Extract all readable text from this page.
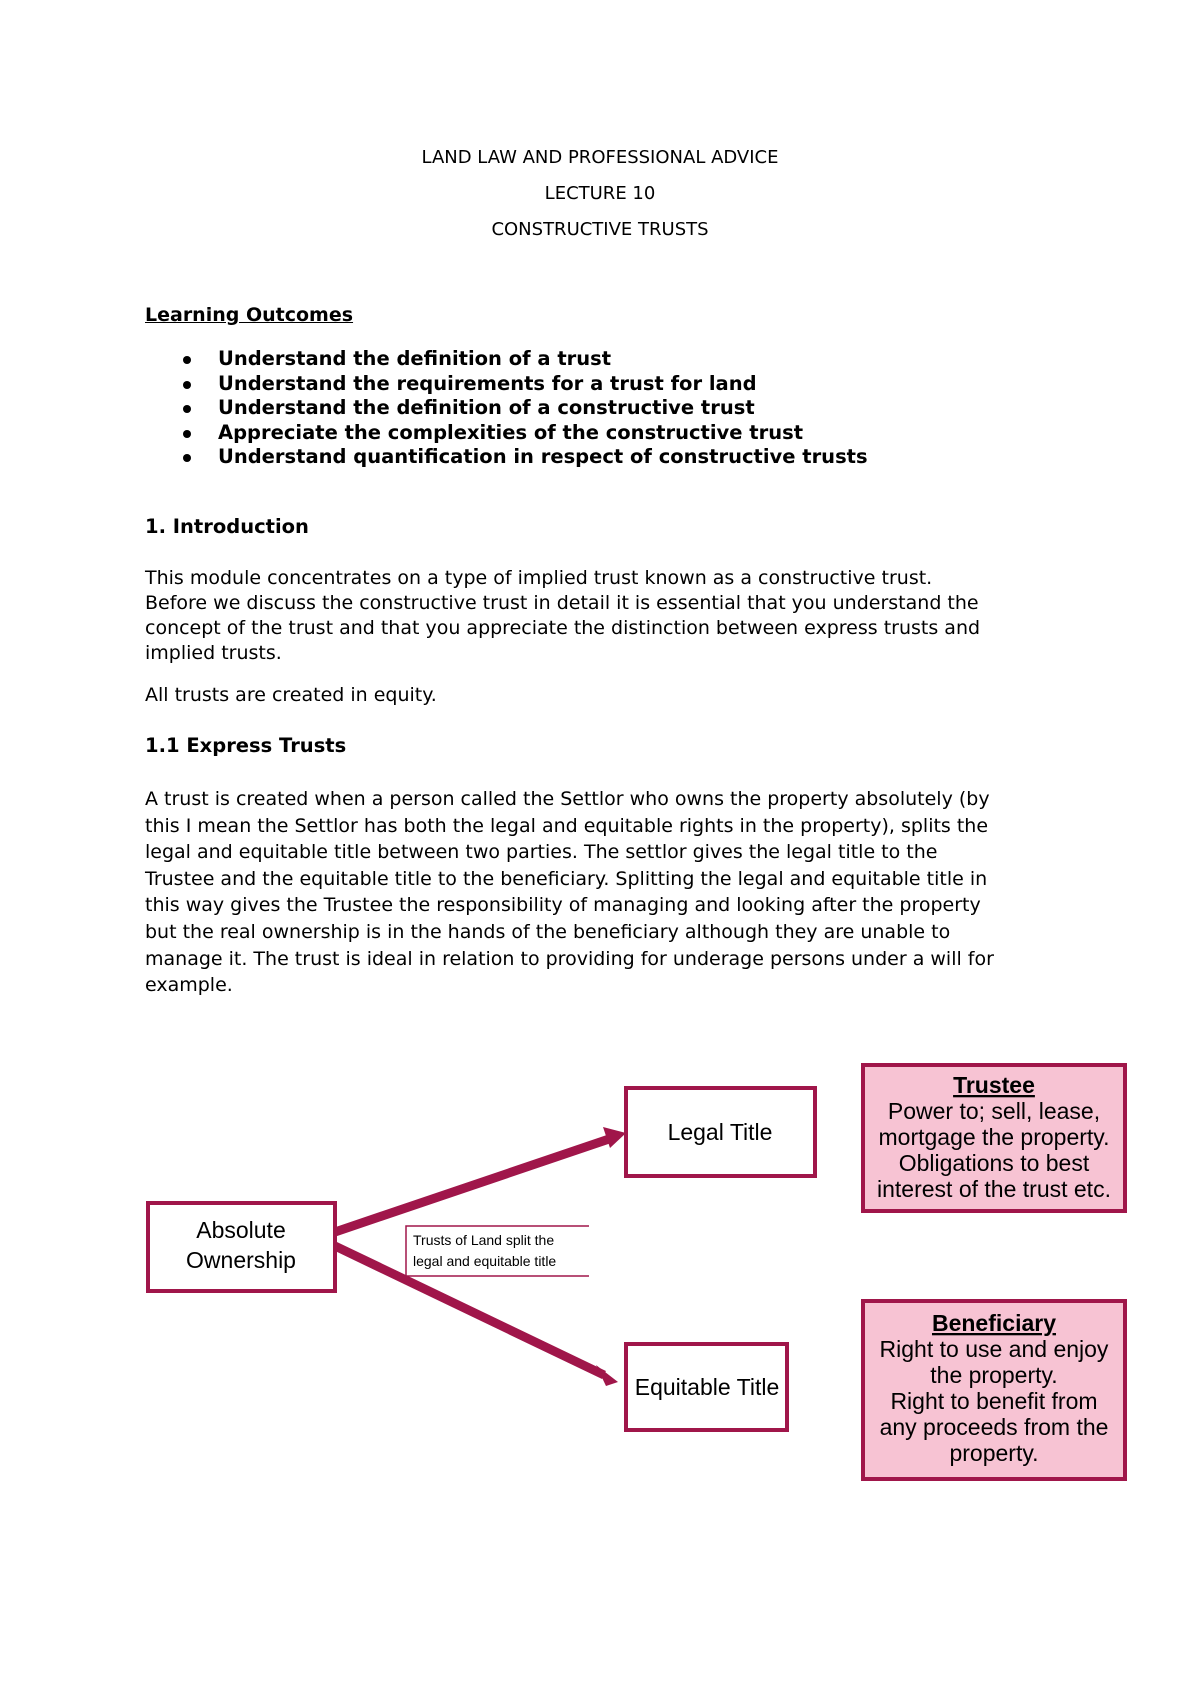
LAND LAW AND PROFESSIONAL ADVICE
LECTURE 10
CONSTRUCTIVE TRUSTS
Learning Outcomes
Understand the definition of a trust
Understand the requirements for a trust for land
Understand the definition of a constructive trust
Appreciate the complexities of the constructive trust
Understand quantification in respect of constructive trusts
1. Introduction
This module concentrates on a type of implied trust known as a constructive trust.
Before we discuss the constructive trust in detail it is essential that you understand the
concept of the trust and that you appreciate the distinction between express trusts and
implied trusts.
All trusts are created in equity.
1.1 Express Trusts
A trust is created when a person called the Settlor who owns the property absolutely (by
this I mean the Settlor has both the legal and equitable rights in the property), splits the
legal and equitable title between two parties. The settlor gives the legal title to the
Trustee and the equitable title to the beneficiary. Splitting the legal and equitable title in
this way gives the Trustee the responsibility of managing and looking after the property
but the real ownership is in the hands of the beneficiary although they are unable to
manage it. The trust is ideal in relation to providing for underage persons under a will for
example.
Absolute
Ownership
Legal Title
Equitable Title
Trusts of Land split the
legal and equitable title
Trustee
Power to; sell, lease,
mortgage the property.
Obligations to best
interest of the trust etc.
Beneficiary
Right to use and enjoy
the property.
Right to benefit from
any proceeds from the
property.
